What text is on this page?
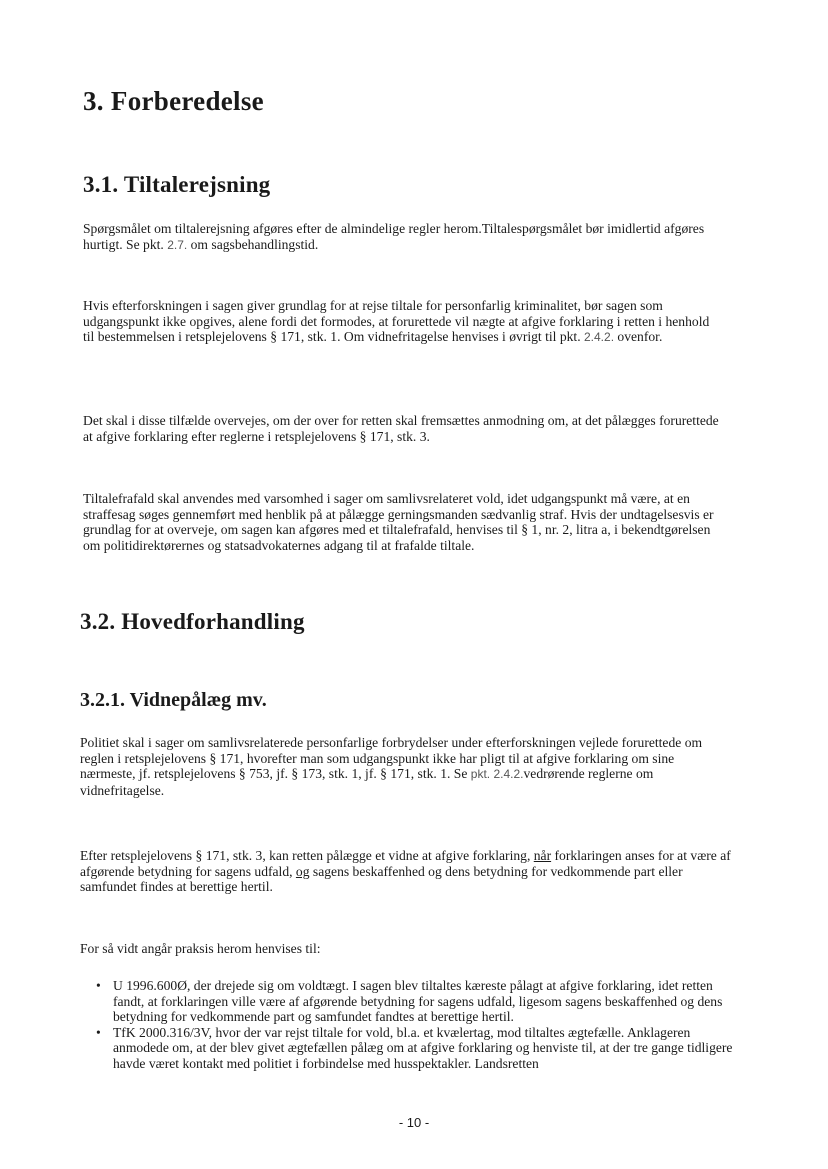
3. Forberedelse
3.1. Tiltalerejsning

Spørgsmålet om tiltalerejsning afgøres efter de almindelige regler herom.Tiltalespørgsmålet bør imidlertid afgøres hurtigt. Se pkt. 2.7. om sagsbehandlingstid.

Hvis efterforskningen i sagen giver grundlag for at rejse tiltale for personfarlig kriminalitet, bør sagen som udgangspunkt ikke opgives, alene fordi det formodes, at forurettede vil nægte at afgive forklaring i retten i henhold til bestemmelsen i retsplejelovens § 171, stk. 1. Om vidnefritagelse henvises i øvrigt til pkt. 2.4.2. ovenfor.

Det skal i disse tilfælde overvejes, om der over for retten skal fremsættes anmodning om, at det pålægges forurettede at afgive forklaring efter reglerne i retsplejelovens § 171, stk. 3.

Tiltalefrafald skal anvendes med varsomhed i sager om samlivsrelateret vold, idet udgangspunkt må være, at en straffesag søges gennemført med henblik på at pålægge gerningsmanden sædvanlig straf. Hvis der undtagelsesvis er grundlag for at overveje, om sagen kan afgøres med et tiltalefrafald, henvises til § 1, nr. 2, litra a, i bekendtgørelsen om politidirektørernes og statsadvokaternes adgang til at frafalde tiltale.

3.2. Hovedforhandling
3.2.1. Vidnepålæg mv.

Politiet skal i sager om samlivsrelaterede personfarlige forbrydelser under efterforskningen vejlede forurettede om reglen i retsplejelovens § 171, hvorefter man som udgangspunkt ikke har pligt til at afgive forklaring om sine nærmeste, jf. retsplejelovens § 753, jf. § 173, stk. 1, jf. § 171, stk. 1. Se pkt. 2.4.2.vedrørende reglerne om vidnefritagelse.

Efter retsplejelovens § 171, stk. 3, kan retten pålægge et vidne at afgive forklaring, når forklaringen anses for at være af afgørende betydning for sagens udfald, og sagens beskaffenhed og dens betydning for vedkommende part eller samfundet findes at berettige hertil.

For så vidt angår praksis herom henvises til:

• U 1996.600Ø, der drejede sig om voldtægt. I sagen blev tiltaltes kæreste pålagt at afgive forklaring, idet retten fandt, at forklaringen ville være af afgørende betydning for sagens udfald, ligesom sagens beskaffenhed og dens betydning for vedkommende part og samfundet fandtes at berettige hertil.
• TfK 2000.316/3V, hvor der var rejst tiltale for vold, bl.a. et kvælertag, mod tiltaltes ægtefælle. Anklageren anmodede om, at der blev givet ægtefællen pålæg om at afgive forklaring og henviste til, at der tre gange tidligere havde været kontakt med politiet i forbindelse med husspektakler. Landsretten
- 10 -
